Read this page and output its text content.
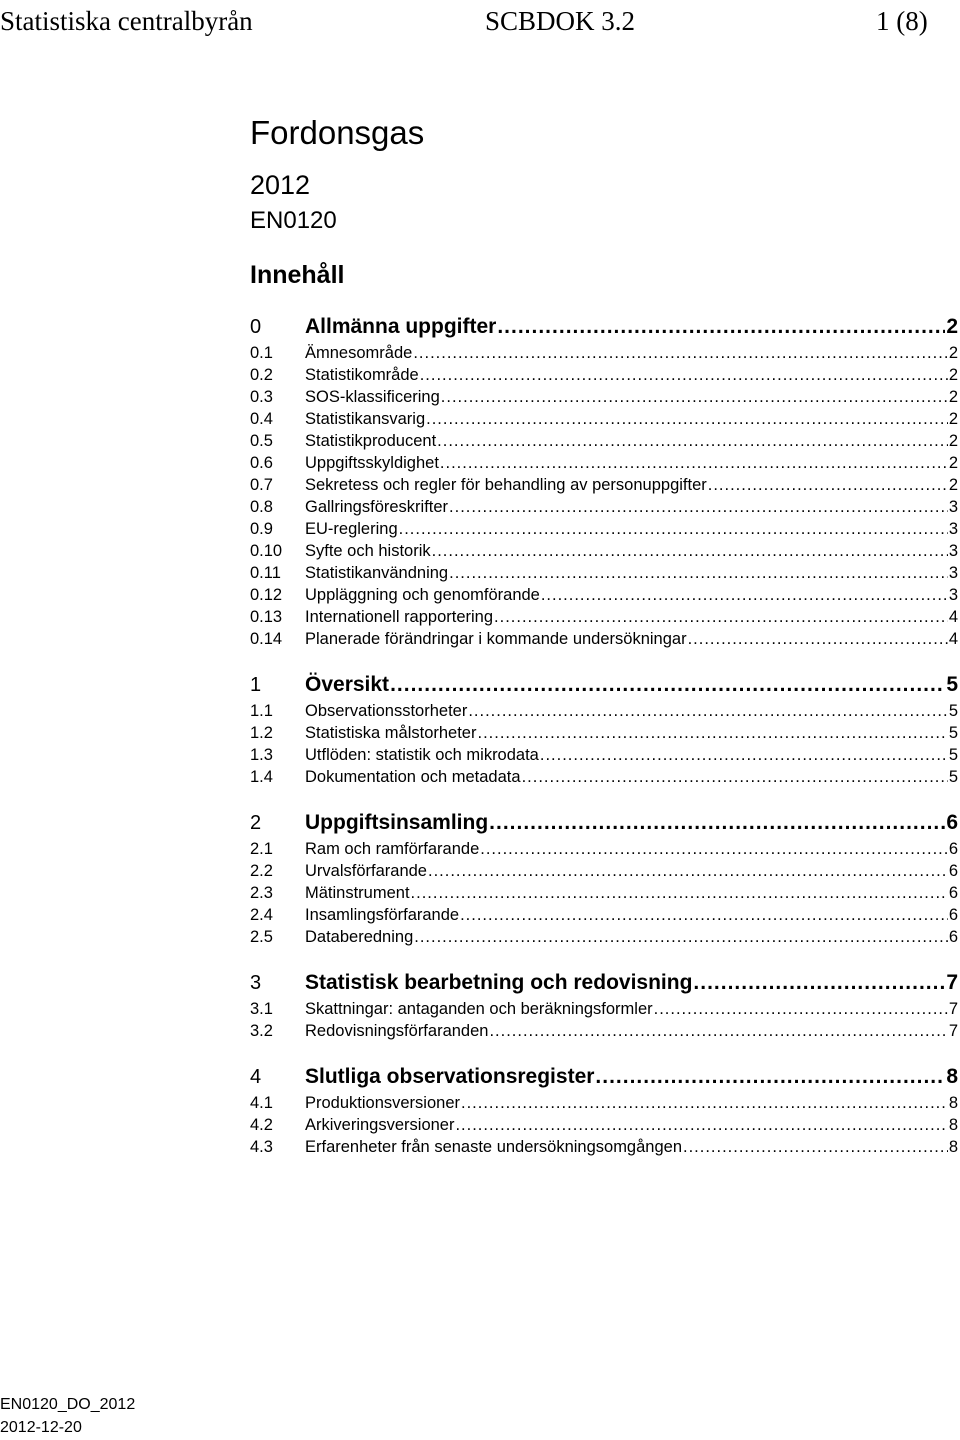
Statistiska centralbyrån	SCBDOK 3.2	1 (8)
Fordonsgas
2012
EN0120
Innehåll
0	Allmänna uppgifter .....	2
0.1	Ämnesområde .....	2
0.2	Statistikområde .....	2
0.3	SOS-klassificering .....	2
0.4	Statistikansvarig .....	2
0.5	Statistikproducent .....	2
0.6	Uppgiftsskyldighet .....	2
0.7	Sekretess och regler för behandling av personuppgifter .....	2
0.8	Gallringsföreskrifter .....	3
0.9	EU-reglering .....	3
0.10	Syfte och historik .....	3
0.11	Statistikanvändning .....	3
0.12	Uppläggning och genomförande .....	3
0.13	Internationell rapportering .....	4
0.14	Planerade förändringar i kommande undersökningar .....	4
1	Översikt .....	5
1.1	Observationsstorheter .....	5
1.2	Statistiska målstorheter .....	5
1.3	Utflöden: statistik och mikrodata .....	5
1.4	Dokumentation och metadata .....	5
2	Uppgiftsinsamling .....	6
2.1	Ram och ramförfarande .....	6
2.2	Urvalsförfarande .....	6
2.3	Mätinstrument .....	6
2.4	Insamlingsförfarande .....	6
2.5	Databeredning .....	6
3	Statistisk bearbetning och redovisning .....	7
3.1	Skattningar: antaganden och beräkningsformler .....	7
3.2	Redovisningsförfaranden .....	7
4	Slutliga observationsregister .....	8
4.1	Produktionsversioner .....	8
4.2	Arkiveringsversioner .....	8
4.3	Erfarenheter från senaste undersökningsomgången .....	8
EN0120_DO_2012
2012-12-20
